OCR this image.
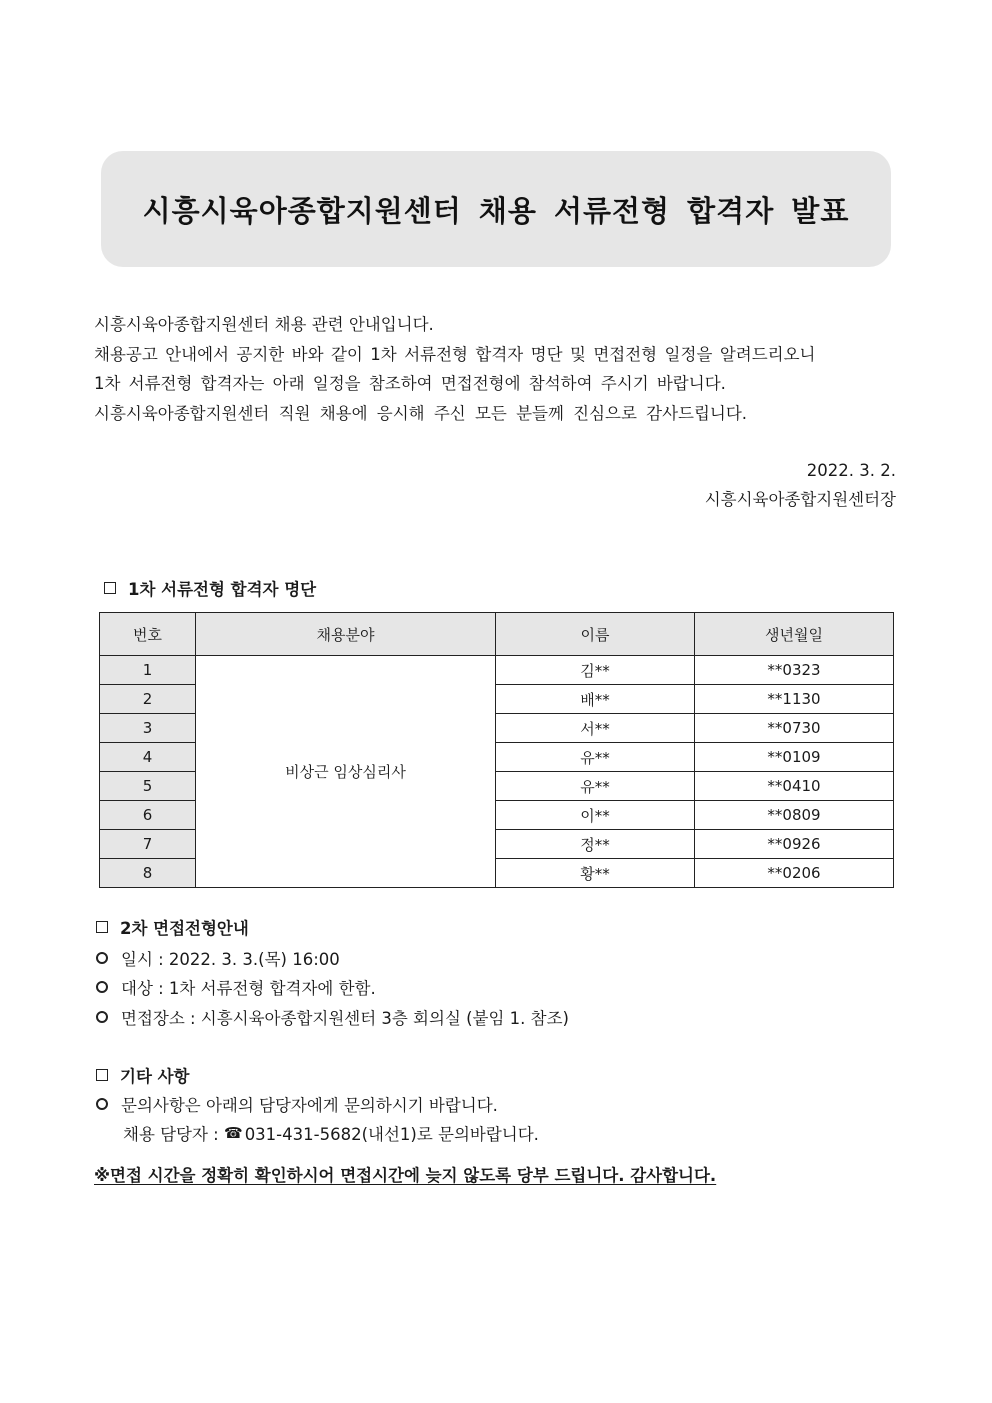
시흥시육아종합지원센터 채용 서류전형 합격자 발표

시흥시육아종합지원센터 채용 관련 안내입니다.

채용공고 안내에서 공지한 바와 같이 1차 서류전형 합격자 명단 및 면접전형 일정을 알려드리오니

1차 서류전형 합격자는 아래 일정을 참조하여 면접전형에 참석하여 주시기 바랍니다.

시흥시육아종합지원센터 직원 채용에 응시해 주신 모든 분들께 진심으로 감사드립니다.

2022. 3. 2.
시흥시육아종합지원센터장
1차 서류전형 합격자 명단
번호	채용분야	이름	생년월일
1	비상근 임상심리사	김**	**0323
2		배**	**1130
3		서**	**0730
4		유**	**0109
5		유**	**0410
6		이**	**0809
7		정**	**0926
8		황**	**0206
2차 면접전형안내
일시 : 2022. 3. 3.(목) 16:00
대상 : 1차 서류전형 합격자에 한함.
면접장소 : 시흥시육아종합지원센터 3층 회의실 (붙임 1. 참조)
기타 사항
문의사항은 아래의 담당자에게 문의하시기 바랍니다.
채용 담당자 : ☎ 031-431-5682(내선1)로 문의바랍니다.
※면접 시간을 정확히 확인하시어 면접시간에 늦지 않도록 당부 드립니다. 감사합니다.
